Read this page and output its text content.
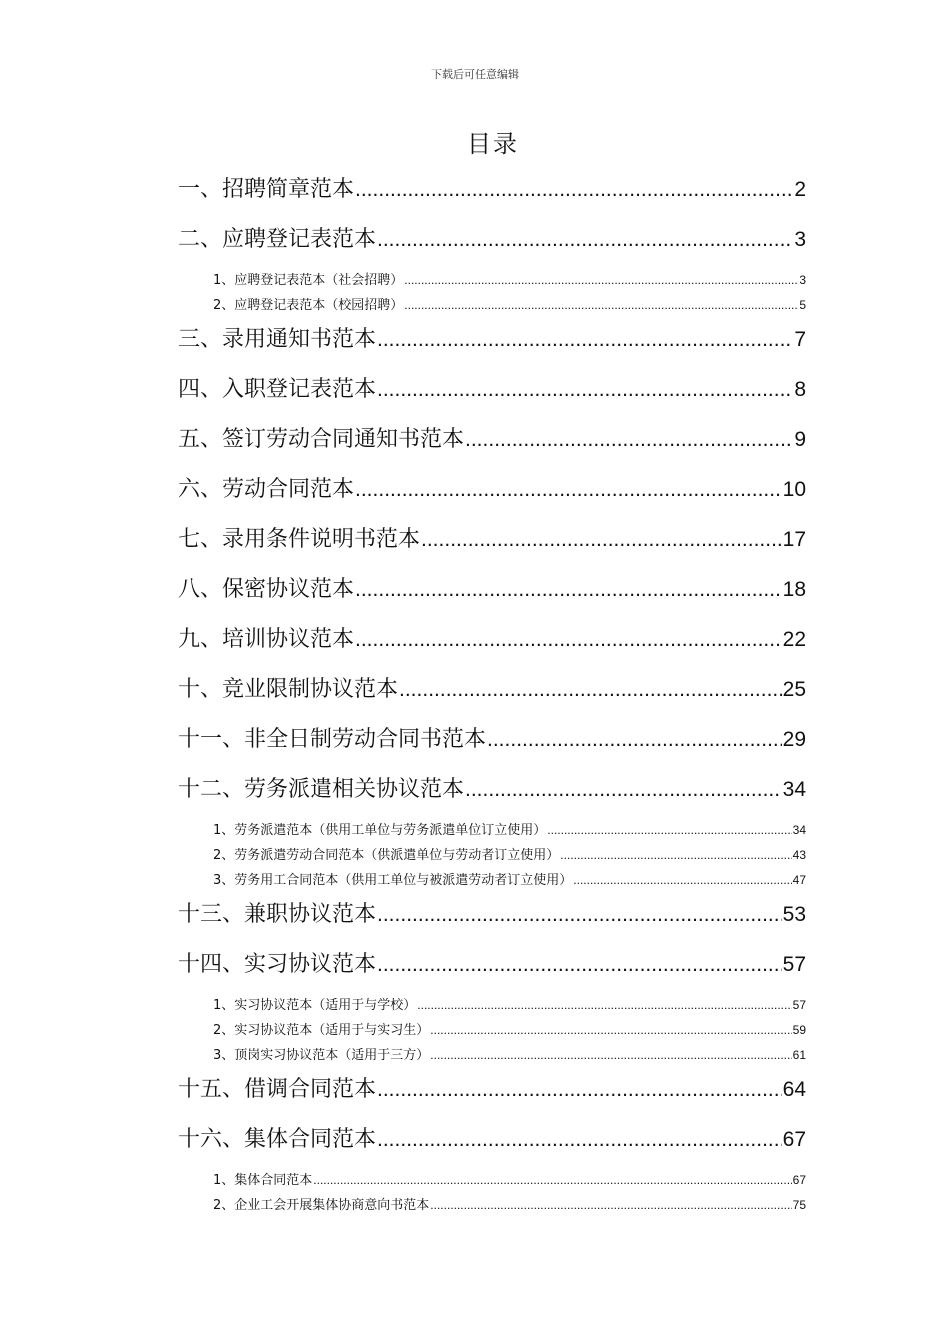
下载后可任意编辑
目录
一、招聘简章范本 .....	2
二、应聘登记表范本 .....	3
1、应聘登记表范本（社会招聘） .....	3
2、应聘登记表范本（校园招聘） .....	5
三、录用通知书范本 .....	7
四、入职登记表范本 .....	8
五、签订劳动合同通知书范本 .....	9
六、劳动合同范本 .....	10
七、录用条件说明书范本 .....	17
八、保密协议范本 .....	18
九、培训协议范本 .....	22
十、竞业限制协议范本 .....	25
十一、非全日制劳动合同书范本 .....	29
十二、劳务派遣相关协议范本 .....	34
1、劳务派遣范本（供用工单位与劳务派遣单位订立使用） .....	34
2、劳务派遣劳动合同范本（供派遣单位与劳动者订立使用） .....	43
3、劳务用工合同范本（供用工单位与被派遣劳动者订立使用） .....	47
十三、兼职协议范本 .....	53
十四、实习协议范本 .....	57
1、实习协议范本（适用于与学校） .....	57
2、实习协议范本（适用于与实习生） .....	59
3、顶岗实习协议范本（适用于三方） .....	61
十五、借调合同范本 .....	64
十六、集体合同范本 .....	67
1、集体合同范本 .....	67
2、企业工会开展集体协商意向书范本 .....	75
